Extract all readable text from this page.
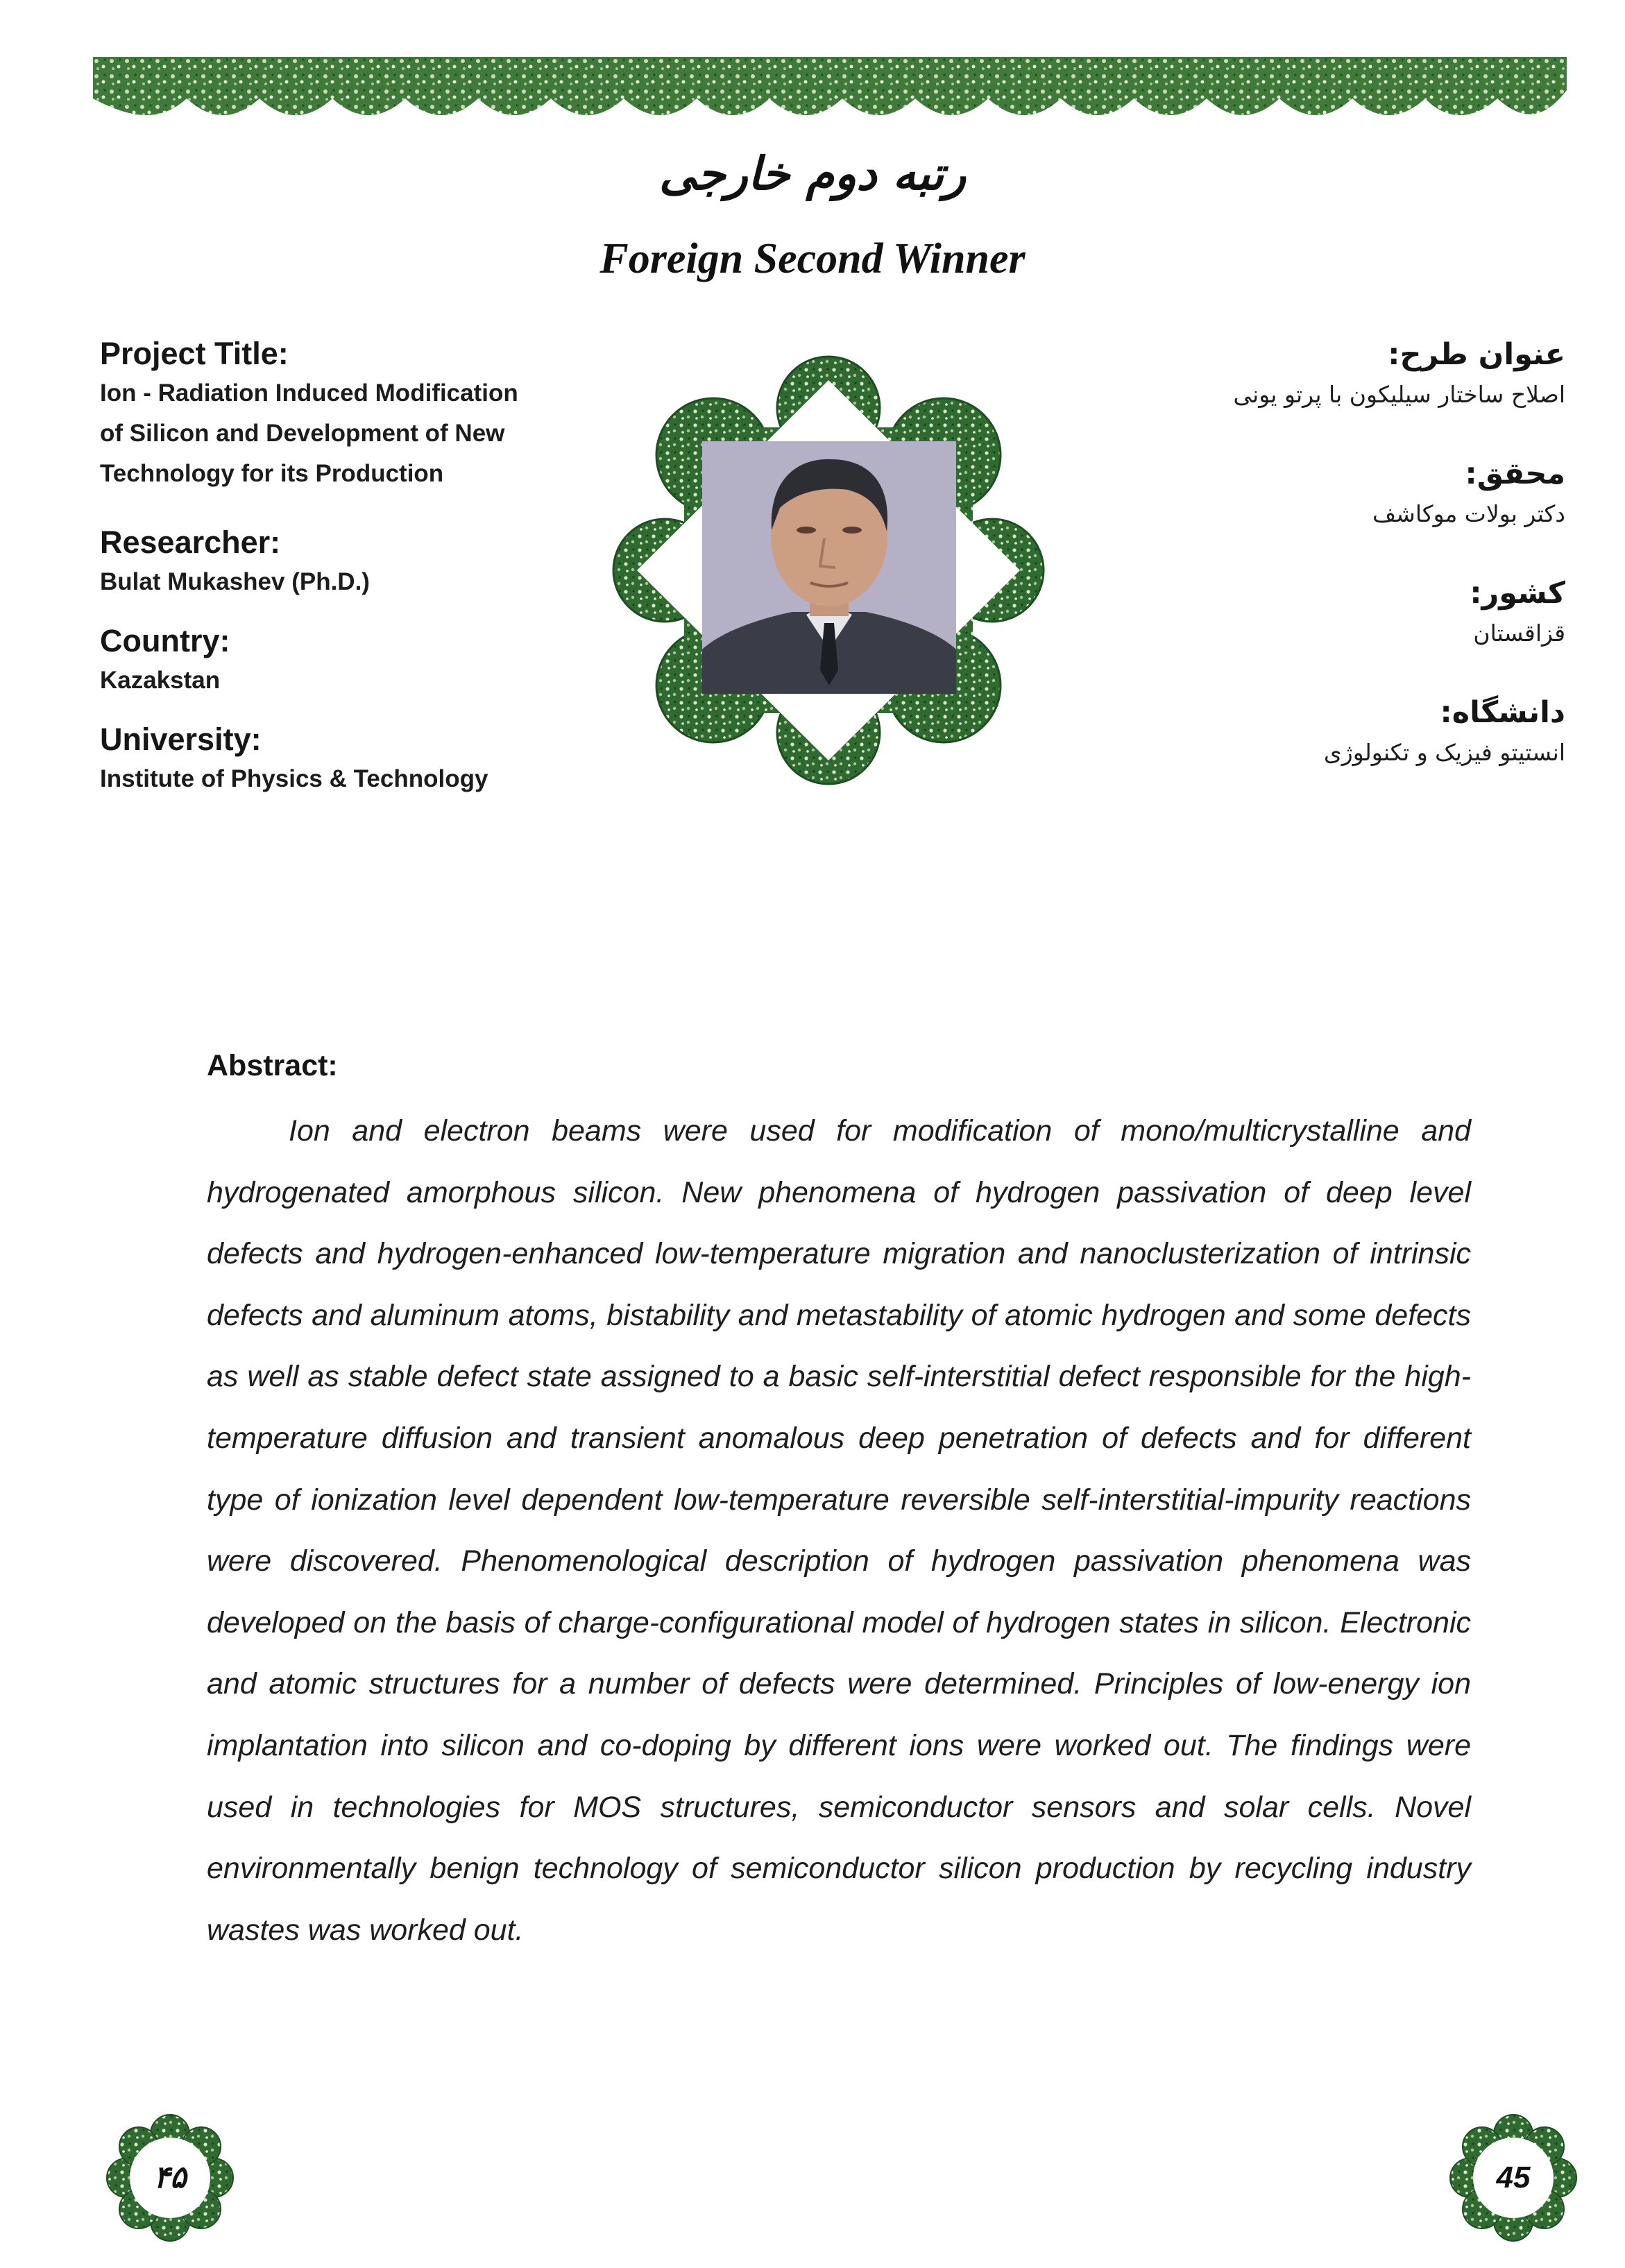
رتبه دوم خارجی
Foreign Second Winner

Project Title:

Ion - Radiation Induced Modification

of Silicon and Development of New

Technology for its Production

Researcher:

Bulat Mukashev (Ph.D.)

Country:

Kazakstan

University:

Institute of Physics & Technology

عنوان طرح:

اصلاح ساختار سیلیکون با پرتو یونی

محقق:

دکتر بولات موکاشف

کشور:

قزاقستان

دانشگاه:

انستیتو فیزیک و تکنولوژی

Abstract:

Ion and electron beams were used for modification of mono/multicrystalline and hydrogenated amorphous silicon. New phenomena of hydrogen passivation of deep level defects and hydrogen-enhanced low-temperature migration and nanoclusterization of intrinsic defects and aluminum atoms, bistability and metastability of atomic hydrogen and some defects as well as stable defect state assigned to a basic self-interstitial defect responsible for the high-temperature diffusion and transient anomalous deep penetration of defects and for different type of ionization level dependent low-temperature reversible self-interstitial-impurity reactions were discovered. Phenomenological description of hydrogen passivation phenomena was developed on the basis of charge-configurational model of hydrogen states in silicon. Electronic and atomic structures for a number of defects were determined. Principles of low-energy ion implantation into silicon and co-doping by different ions were worked out. The findings were used in technologies for MOS structures, semiconductor sensors and solar cells. Novel environmentally benign technology of semiconductor silicon production by recycling industry wastes was worked out.

۴۵	45
